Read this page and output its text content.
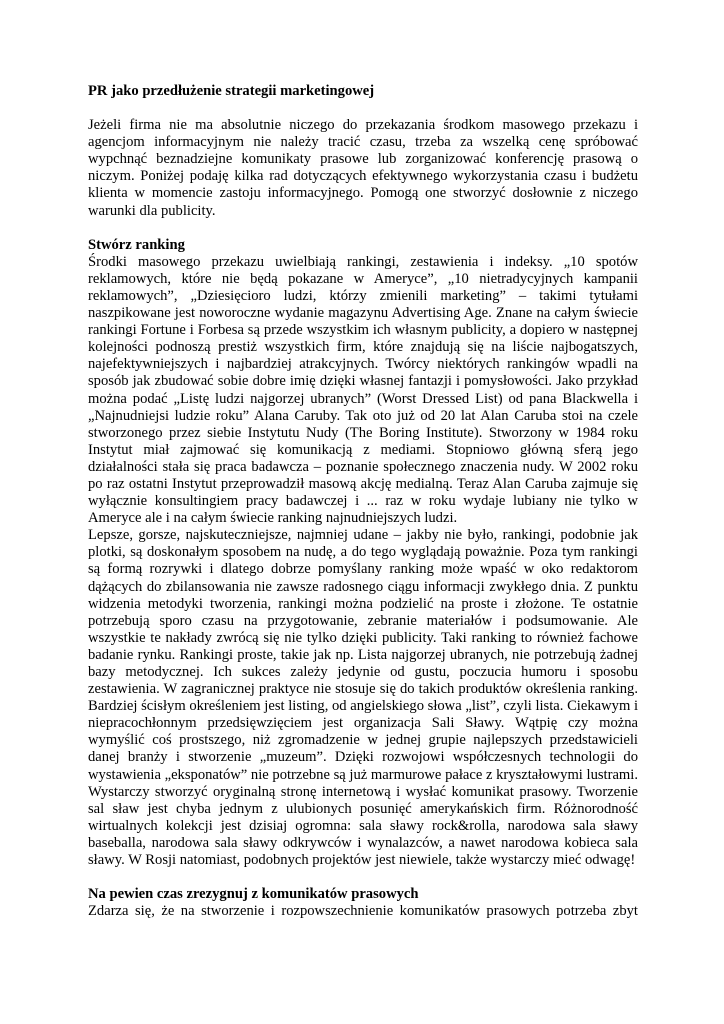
PR jako przedłużenie strategii marketingowej

Jeżeli firma nie ma absolutnie niczego do przekazania środkom masowego przekazu i agencjom informacyjnym nie należy tracić czasu, trzeba za wszelką cenę spróbować wypchnąć beznadziejne komunikaty prasowe lub zorganizować konferencję prasową o niczym. Poniżej podaję kilka rad dotyczących efektywnego wykorzystania czasu i budżetu klienta w momencie zastoju informacyjnego. Pomogą one stworzyć dosłownie z niczego warunki dla publicity.

Stwórz ranking

Środki masowego przekazu uwielbiają rankingi, zestawienia i indeksy. „10 spotów reklamowych, które nie będą pokazane w Ameryce”, „10 nietradycyjnych kampanii reklamowych”, „Dziesięcioro ludzi, którzy zmienili marketing” – takimi tytułami naszpikowane jest noworoczne wydanie magazynu Advertising Age. Znane na całym świecie rankingi Fortune i Forbesa są przede wszystkim ich własnym publicity, a dopiero w następnej kolejności podnoszą prestiż wszystkich firm, które znajdują się na liście najbogatszych, najefektywniejszych i najbardziej atrakcyjnych. Twórcy niektórych rankingów wpadli na sposób jak zbudować sobie dobre imię dzięki własnej fantazji i pomysłowości. Jako przykład można podać „Listę ludzi najgorzej ubranych” (Worst Dressed List) od pana Blackwella i „Najnudniejsi ludzie roku” Alana Caruby. Tak oto już od 20 lat Alan Caruba stoi na czele stworzonego przez siebie Instytutu Nudy (The Boring Institute). Stworzony w 1984 roku Instytut miał zajmować się komunikacją z mediami. Stopniowo główną sferą jego działalności stała się praca badawcza – poznanie społecznego znaczenia nudy. W 2002 roku po raz ostatni Instytut przeprowadził masową akcję medialną. Teraz Alan Caruba zajmuje się wyłącznie konsultingiem pracy badawczej i ... raz w roku wydaje lubiany nie tylko w Ameryce ale i na całym świecie ranking najnudniejszych ludzi.

Lepsze, gorsze, najskuteczniejsze, najmniej udane – jakby nie było, rankingi, podobnie jak plotki, są doskonałym sposobem na nudę, a do tego wyglądają poważnie. Poza tym rankingi są formą rozrywki i dlatego dobrze pomyślany ranking może wpaść w oko redaktorom dążących do zbilansowania nie zawsze radosnego ciągu informacji zwykłego dnia. Z punktu widzenia metodyki tworzenia, rankingi można podzielić na proste i złożone. Te ostatnie potrzebują sporo czasu na przygotowanie, zebranie materiałów i podsumowanie. Ale wszystkie te nakłady zwrócą się nie tylko dzięki publicity. Taki ranking to również fachowe badanie rynku. Rankingi proste, takie jak np. Lista najgorzej ubranych, nie potrzebują żadnej bazy metodycznej. Ich sukces zależy jedynie od gustu, poczucia humoru i sposobu zestawienia. W zagranicznej praktyce nie stosuje się do takich produktów określenia ranking. Bardziej ścisłym określeniem jest listing, od angielskiego słowa „list”, czyli lista. Ciekawym i niepracochłonnym przedsięwzięciem jest organizacja Sali Sławy. Wątpię czy można wymyślić coś prostszego, niż zgromadzenie w jednej grupie najlepszych przedstawicieli danej branży i stworzenie „muzeum”. Dzięki rozwojowi współczesnych technologii do wystawienia „eksponatów” nie potrzebne są już marmurowe pałace z kryształowymi lustrami. Wystarczy stworzyć oryginalną stronę internetową i wysłać komunikat prasowy. Tworzenie sal sław jest chyba jednym z ulubionych posunięć amerykańskich firm. Różnorodność wirtualnych kolekcji jest dzisiaj ogromna: sala sławy rock&rolla, narodowa sala sławy baseballa, narodowa sala sławy odkrywców i wynalazców, a nawet narodowa kobieca sala sławy. W Rosji natomiast, podobnych projektów jest niewiele, także wystarczy mieć odwagę!

Na pewien czas zrezygnuj z komunikatów prasowych

Zdarza się, że na stworzenie i rozpowszechnienie komunikatów prasowych potrzeba zbyt
